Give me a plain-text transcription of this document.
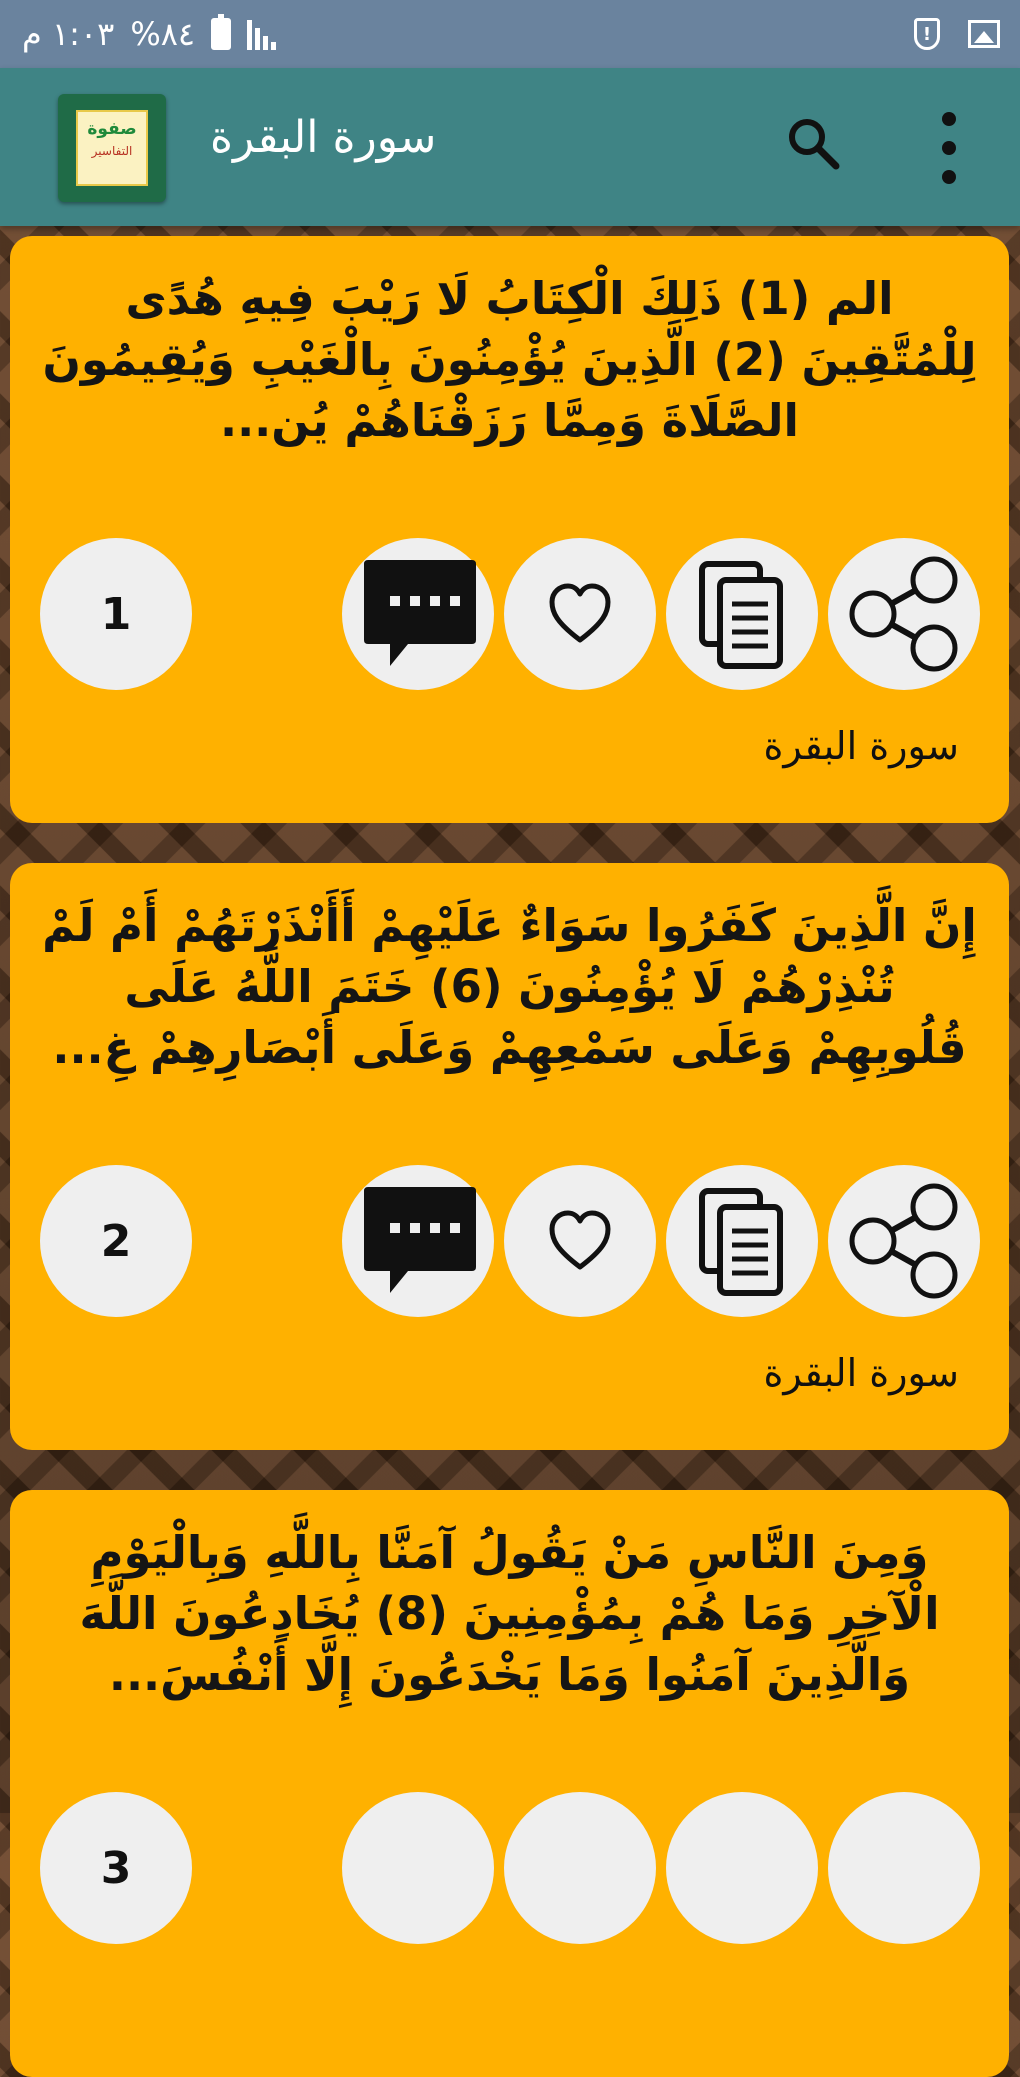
١:٠٣ م %٨٤	!
صفوة
التفاسير	سورة البقرة
الم (1) ذَلِكَ الْكِتَابُ لَا رَيْبَ فِيهِ هُدًى لِلْمُتَّقِينَ (2) الَّذِينَ يُؤْمِنُونَ بِالْغَيْبِ وَيُقِيمُونَ الصَّلَاةَ وَمِمَّا رَزَقْنَاهُمْ يُن...
1
سورة البقرة
إِنَّ الَّذِينَ كَفَرُوا سَوَاءٌ عَلَيْهِمْ أَأَنْذَرْتَهُمْ أَمْ لَمْ تُنْذِرْهُمْ لَا يُؤْمِنُونَ (6) خَتَمَ اللَّهُ عَلَى قُلُوبِهِمْ وَعَلَى سَمْعِهِمْ وَعَلَى أَبْصَارِهِمْ غِ...
2
سورة البقرة
وَمِنَ النَّاسِ مَنْ يَقُولُ آمَنَّا بِاللَّهِ وَبِالْيَوْمِ الْآخِرِ وَمَا هُمْ بِمُؤْمِنِينَ (8) يُخَادِعُونَ اللَّهَ وَالَّذِينَ آمَنُوا وَمَا يَخْدَعُونَ إِلَّا أَنْفُسَ...
3
